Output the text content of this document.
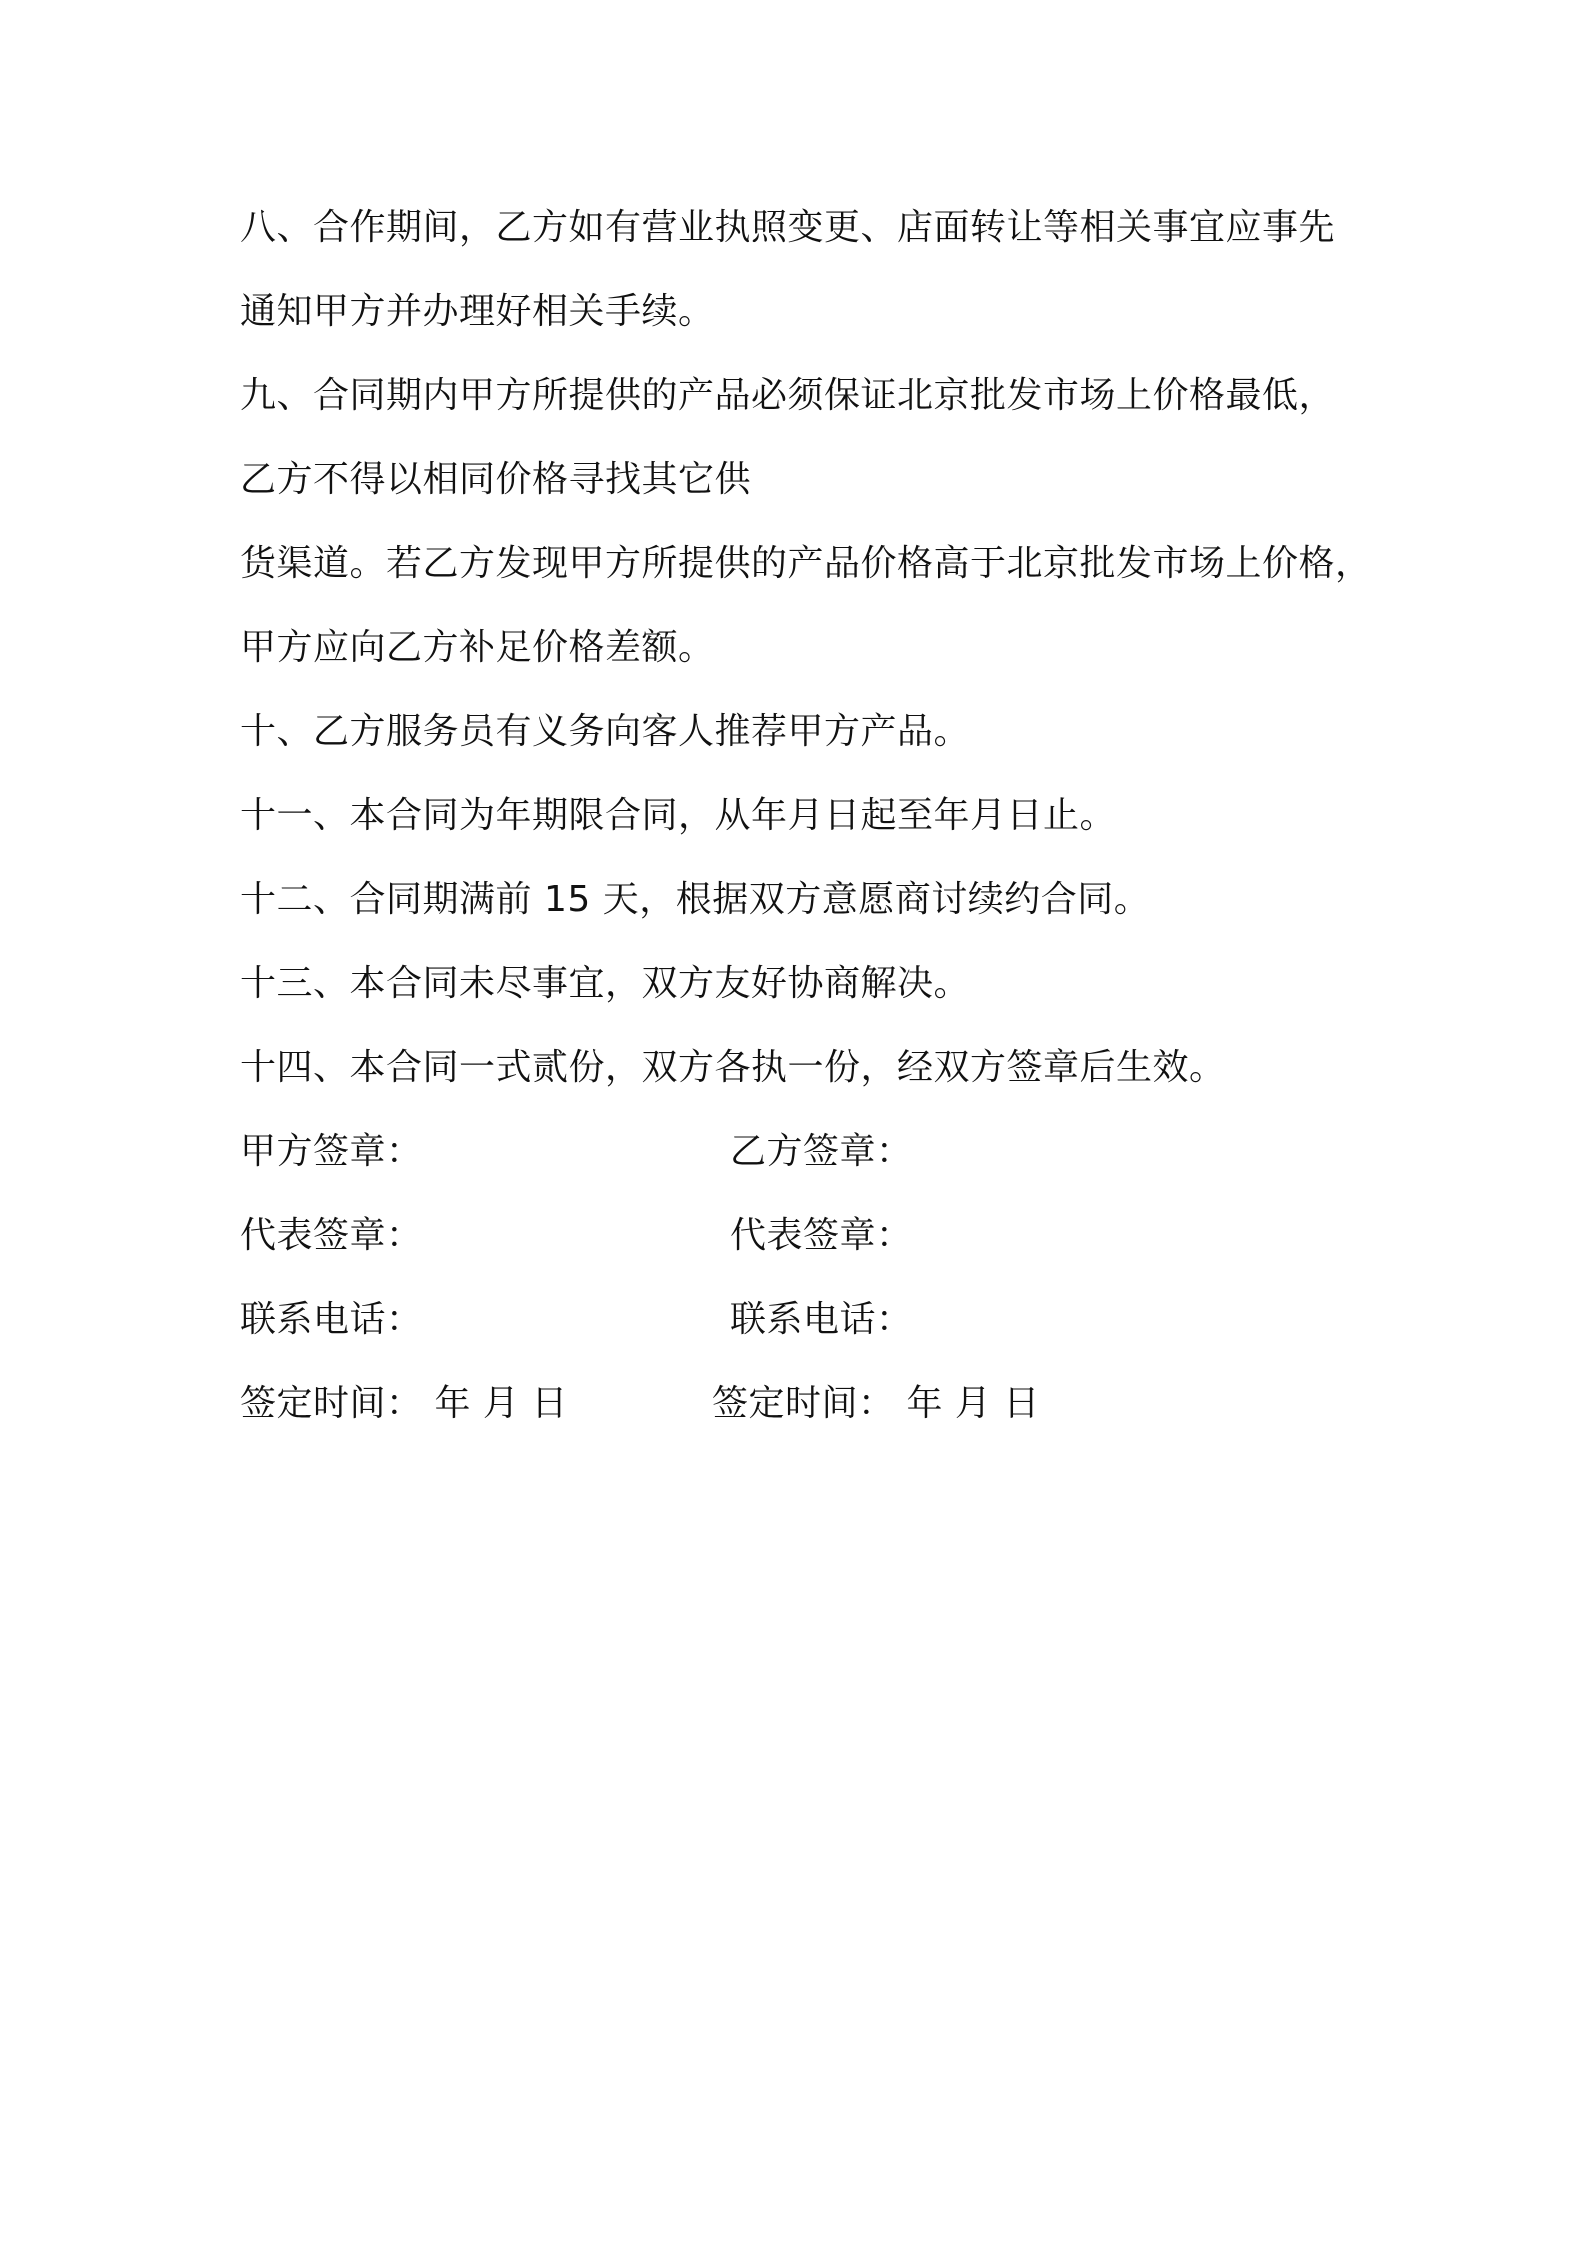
八、合作期间，乙方如有营业执照变更、店面转让等相关事宜应事先
通知甲方并办理好相关手续。
九、合同期内甲方所提供的产品必须保证北京批发市场上价格最低，
乙方不得以相同价格寻找其它供
货渠道。若乙方发现甲方所提供的产品价格高于北京批发市场上价格，
甲方应向乙方补足价格差额。
十、乙方服务员有义务向客人推荐甲方产品。
十一、本合同为年期限合同，从年月日起至年月日止。
十二、合同期满前 15 天，根据双方意愿商讨续约合同。
十三、本合同未尽事宜，双方友好协商解决。
十四、本合同一式贰份，双方各执一份，经双方签章后生效。
甲方签章：	乙方签章：
代表签章：	代表签章：
联系电话：	联系电话：
签定时间： 年 月 日	签定时间： 年 月 日
